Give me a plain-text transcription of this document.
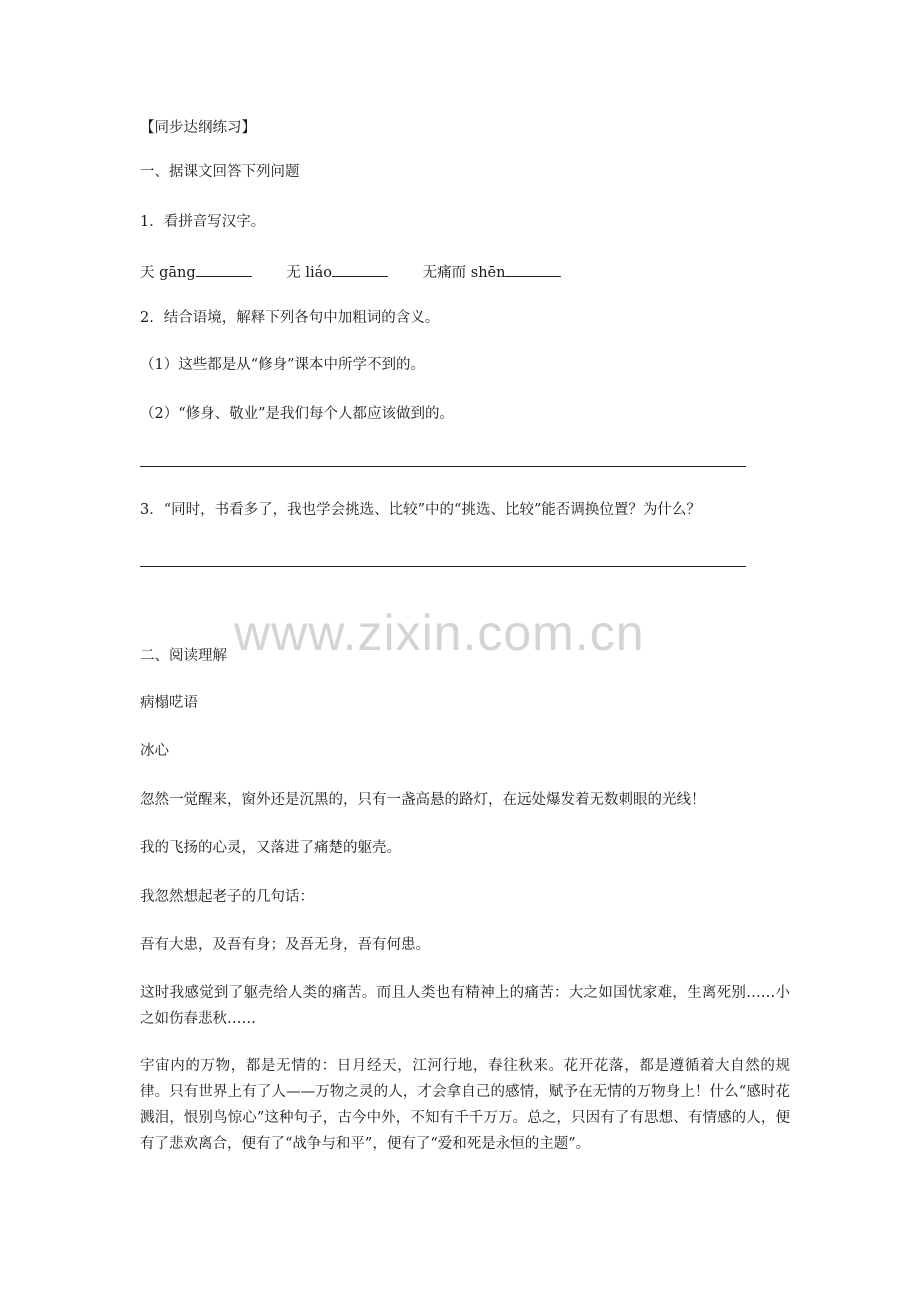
【同步达纲练习】
一、据课文回答下列问题
1．看拼音写汉字。
天 gāng	无 liáo	无痛而 shēn
2．结合语境，解释下列各句中加粗词的含义。
（1）这些都是从“修身”课本中所学不到的。
（2）“修身、敬业”是我们每个人都应该做到的。
3．“同时，书看多了，我也学会挑选、比较”中的“挑选、比较”能否调换位置？为什么？
www.zixin.com.cn
二、阅读理解
病榻呓语
冰心
忽然一觉醒来，窗外还是沉黑的，只有一盏高悬的路灯，在远处爆发着无数刺眼的光线！
我的飞扬的心灵，又落进了痛楚的躯壳。
我忽然想起老子的几句话：
吾有大患，及吾有身；及吾无身，吾有何患。
这时我感觉到了躯壳给人类的痛苦。而且人类也有精神上的痛苦：大之如国忧家难，生离死别……小之如伤春悲秋……
宇宙内的万物，都是无情的：日月经天，江河行地，春往秋来。花开花落，都是遵循着大自然的规律。只有世界上有了人——万物之灵的人，才会拿自己的感情，赋予在无情的万物身上！什么“感时花溅泪，恨别鸟惊心”这种句子，古今中外，不知有千千万万。总之，只因有了有思想、有情感的人，便有了悲欢离合，便有了“战争与和平”，便有了“爱和死是永恒的主题”。
